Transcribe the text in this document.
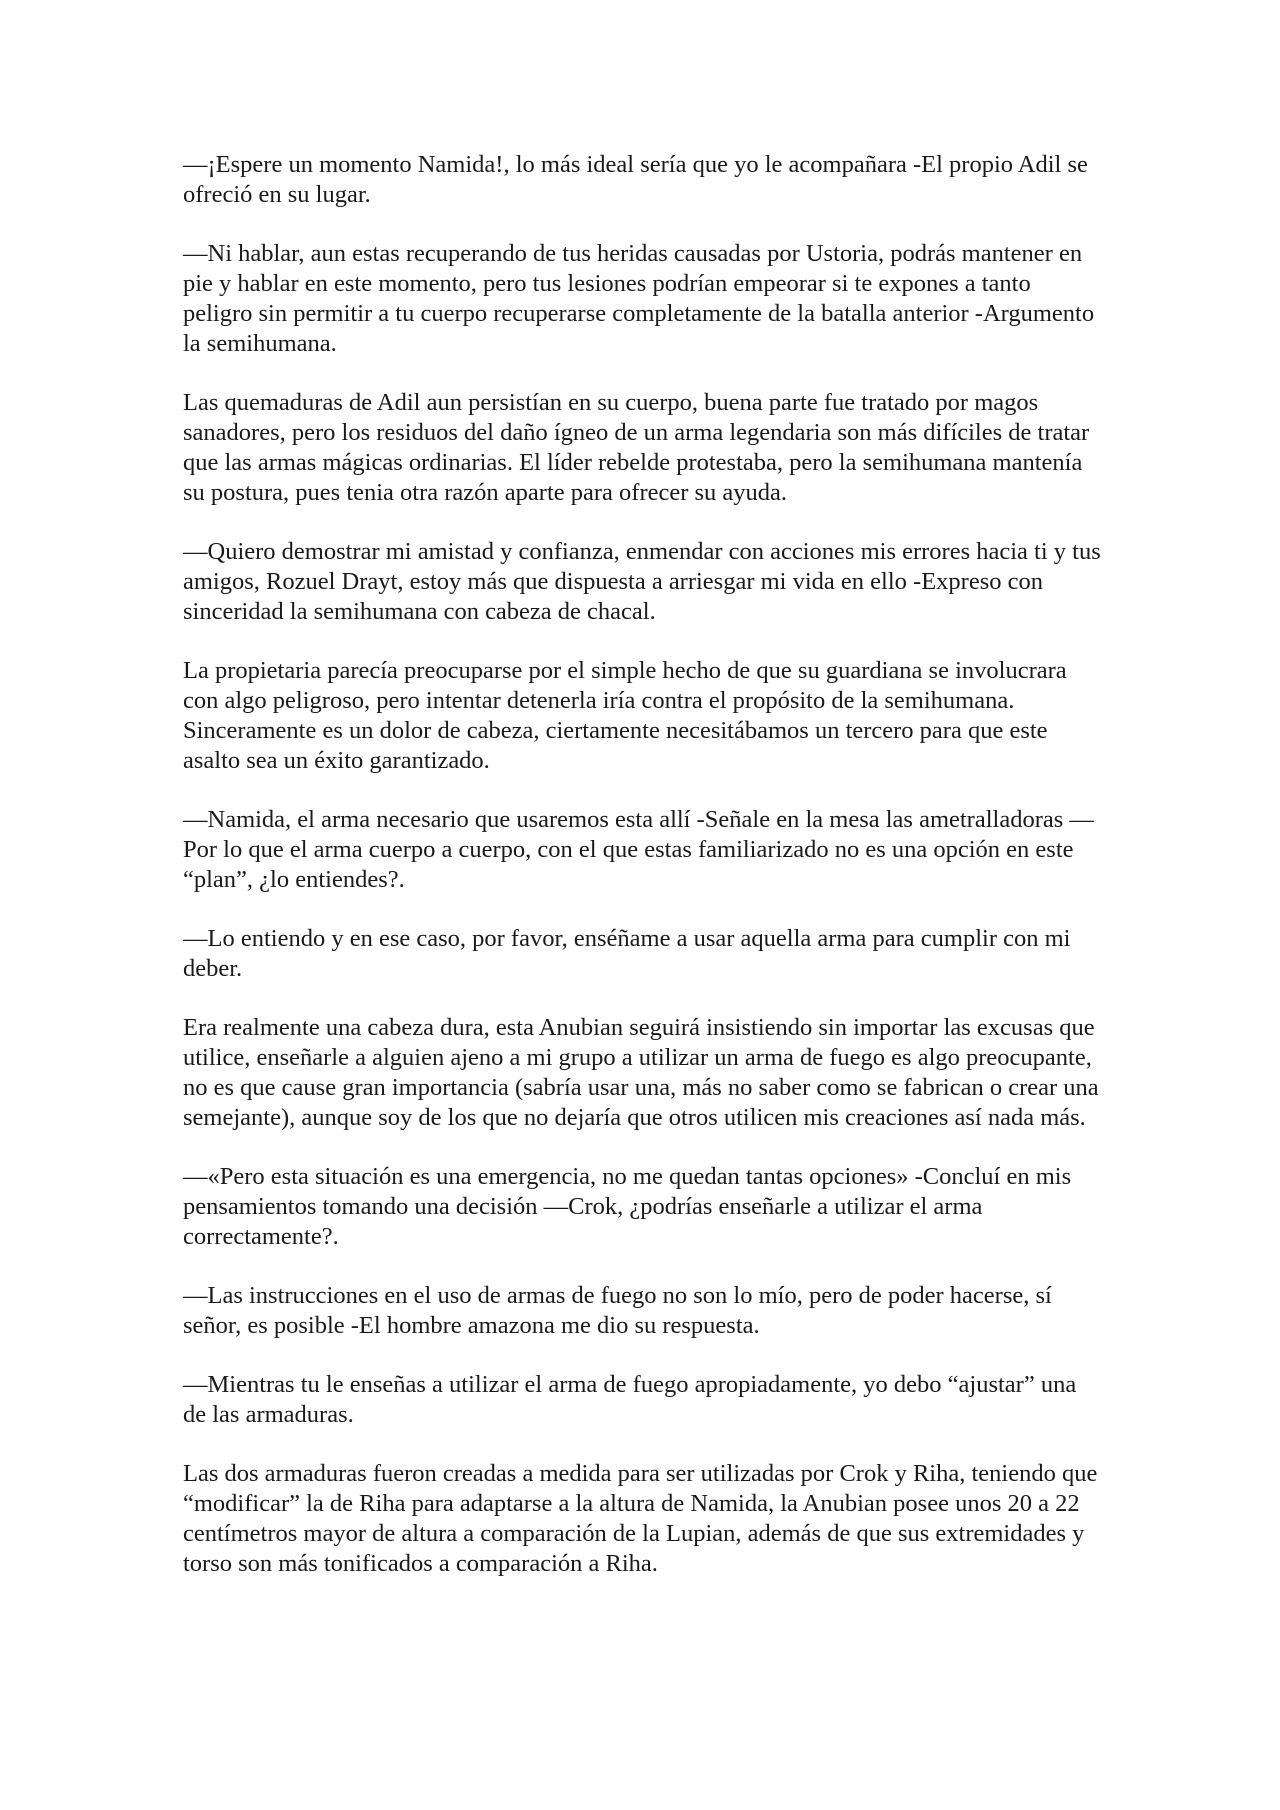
—¡Espere un momento Namida!, lo más ideal sería que yo le acompañara -El propio Adil se ofreció en su lugar.

—Ni hablar, aun estas recuperando de tus heridas causadas por Ustoria, podrás mantener en pie y hablar en este momento, pero tus lesiones podrían empeorar si te expones a tanto peligro sin permitir a tu cuerpo recuperarse completamente de la batalla anterior -Argumento la semihumana.

Las quemaduras de Adil aun persistían en su cuerpo, buena parte fue tratado por magos sanadores, pero los residuos del daño ígneo de un arma legendaria son más difíciles de tratar que las armas mágicas ordinarias. El líder rebelde protestaba, pero la semihumana mantenía su postura, pues tenia otra razón aparte para ofrecer su ayuda.

—Quiero demostrar mi amistad y confianza, enmendar con acciones mis errores hacia ti y tus amigos, Rozuel Drayt, estoy más que dispuesta a arriesgar mi vida en ello -Expreso con sinceridad la semihumana con cabeza de chacal.

La propietaria parecía preocuparse por el simple hecho de que su guardiana se involucrara con algo peligroso, pero intentar detenerla iría contra el propósito de la semihumana. Sinceramente es un dolor de cabeza, ciertamente necesitábamos un tercero para que este asalto sea un éxito garantizado.

—Namida, el arma necesario que usaremos esta allí -Señale en la mesa las ametralladoras —Por lo que el arma cuerpo a cuerpo, con el que estas familiarizado no es una opción en este “plan”, ¿lo entiendes?.

—Lo entiendo y en ese caso, por favor, enséñame a usar aquella arma para cumplir con mi deber.

Era realmente una cabeza dura, esta Anubian seguirá insistiendo sin importar las excusas que utilice, enseñarle a alguien ajeno a mi grupo a utilizar un arma de fuego es algo preocupante, no es que cause gran importancia (sabría usar una, más no saber como se fabrican o crear una semejante), aunque soy de los que no dejaría que otros utilicen mis creaciones así nada más.

—«Pero esta situación es una emergencia, no me quedan tantas opciones» -Concluí en mis pensamientos tomando una decisión —Crok, ¿podrías enseñarle a utilizar el arma correctamente?.

—Las instrucciones en el uso de armas de fuego no son lo mío, pero de poder hacerse, sí señor, es posible -El hombre amazona me dio su respuesta.

—Mientras tu le enseñas a utilizar el arma de fuego apropiadamente, yo debo “ajustar” una de las armaduras.

Las dos armaduras fueron creadas a medida para ser utilizadas por Crok y Riha, teniendo que “modificar” la de Riha para adaptarse a la altura de Namida, la Anubian posee unos 20 a 22 centímetros mayor de altura a comparación de la Lupian, además de que sus extremidades y torso son más tonificados a comparación a Riha.
